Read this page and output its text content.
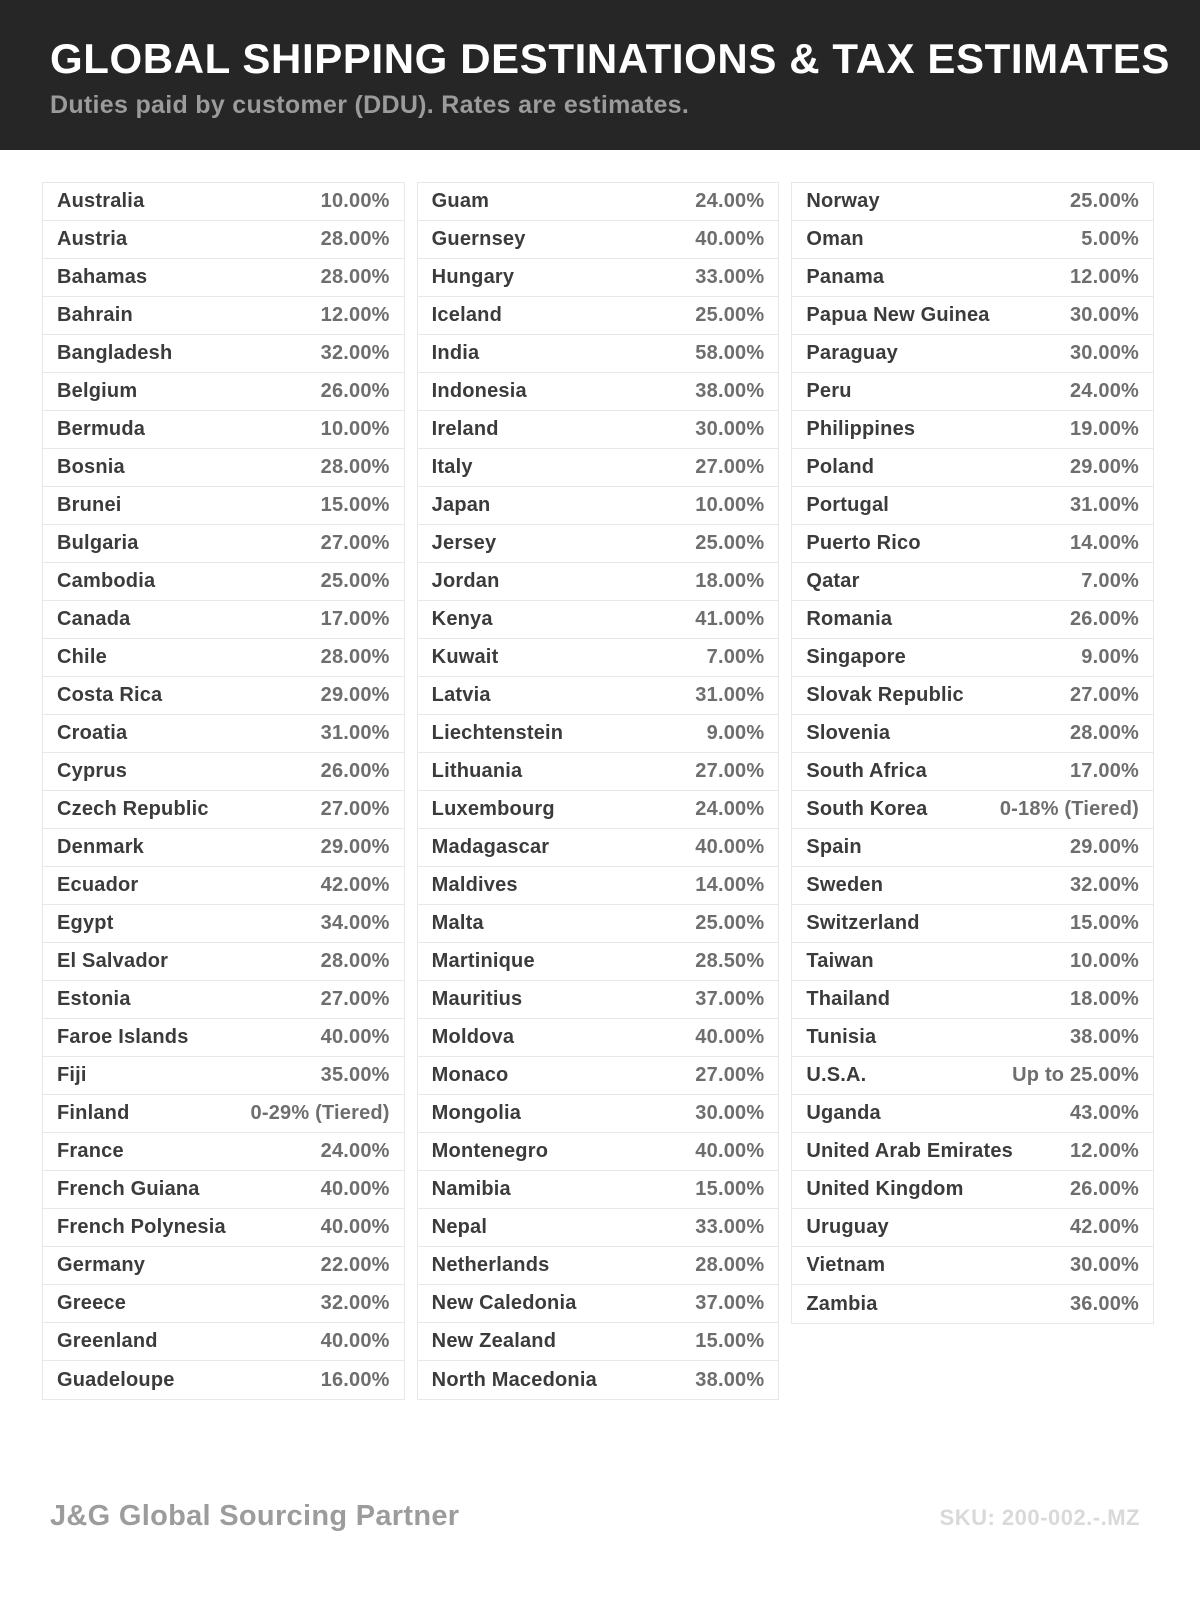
GLOBAL SHIPPING DESTINATIONS & TAX ESTIMATES

Duties paid by customer (DDU). Rates are estimates.

Australia	10.00%
Austria	28.00%
Bahamas	28.00%
Bahrain	12.00%
Bangladesh	32.00%
Belgium	26.00%
Bermuda	10.00%
Bosnia	28.00%
Brunei	15.00%
Bulgaria	27.00%
Cambodia	25.00%
Canada	17.00%
Chile	28.00%
Costa Rica	29.00%
Croatia	31.00%
Cyprus	26.00%
Czech Republic	27.00%
Denmark	29.00%
Ecuador	42.00%
Egypt	34.00%
El Salvador	28.00%
Estonia	27.00%
Faroe Islands	40.00%
Fiji	35.00%
Finland	0-29% (Tiered)
France	24.00%
French Guiana	40.00%
French Polynesia	40.00%
Germany	22.00%
Greece	32.00%
Greenland	40.00%
Guadeloupe	16.00%
Guam	24.00%
Guernsey	40.00%
Hungary	33.00%
Iceland	25.00%
India	58.00%
Indonesia	38.00%
Ireland	30.00%
Italy	27.00%
Japan	10.00%
Jersey	25.00%
Jordan	18.00%
Kenya	41.00%
Kuwait	7.00%
Latvia	31.00%
Liechtenstein	9.00%
Lithuania	27.00%
Luxembourg	24.00%
Madagascar	40.00%
Maldives	14.00%
Malta	25.00%
Martinique	28.50%
Mauritius	37.00%
Moldova	40.00%
Monaco	27.00%
Mongolia	30.00%
Montenegro	40.00%
Namibia	15.00%
Nepal	33.00%
Netherlands	28.00%
New Caledonia	37.00%
New Zealand	15.00%
North Macedonia	38.00%
Norway	25.00%
Oman	5.00%
Panama	12.00%
Papua New Guinea	30.00%
Paraguay	30.00%
Peru	24.00%
Philippines	19.00%
Poland	29.00%
Portugal	31.00%
Puerto Rico	14.00%
Qatar	7.00%
Romania	26.00%
Singapore	9.00%
Slovak Republic	27.00%
Slovenia	28.00%
South Africa	17.00%
South Korea	0-18% (Tiered)
Spain	29.00%
Sweden	32.00%
Switzerland	15.00%
Taiwan	10.00%
Thailand	18.00%
Tunisia	38.00%
U.S.A.	Up to 25.00%
Uganda	43.00%
United Arab Emirates	12.00%
United Kingdom	26.00%
Uruguay	42.00%
Vietnam	30.00%
Zambia	36.00%
J&G Global Sourcing Partner	SKU: 200-002.-.MZ
